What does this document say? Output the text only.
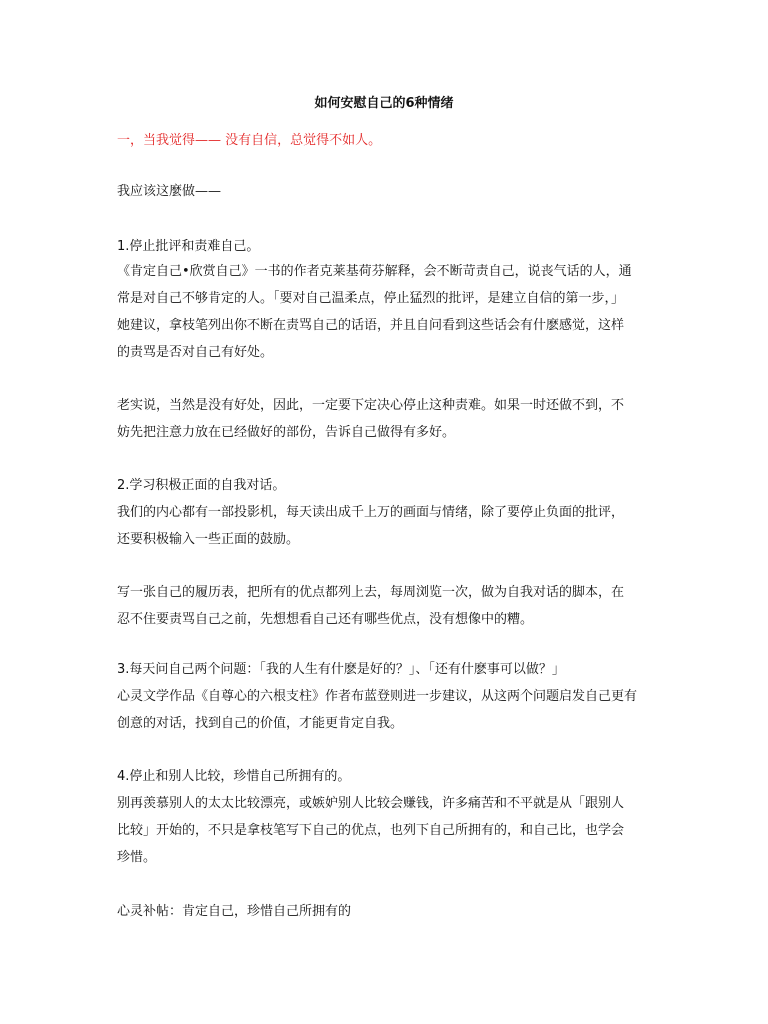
如何安慰自己的6种情绪
一，当我觉得—— 没有自信，总觉得不如人。
我应该这麼做——
1.停止批评和责难自己。
《肯定自己•欣赏自己》一书的作者克莱基荷芬解释，会不断苛责自己，说丧气话的人，通
常是对自己不够肯定的人。「要对自己温柔点，停止猛烈的批评，是建立自信的第一步，」
她建议，拿枝笔列出你不断在责骂自己的话语，并且自问看到这些话会有什麽感觉，这样
的责骂是否对自己有好处。
老实说，当然是没有好处，因此，一定要下定决心停止这种责难。如果一时还做不到，不
妨先把注意力放在已经做好的部份，告诉自己做得有多好。
2.学习积极正面的自我对话。
我们的内心都有一部投影机，每天读出成千上万的画面与情绪，除了要停止负面的批评，
还要积极输入一些正面的鼓励。
写一张自己的履历表，把所有的优点都列上去，每周浏览一次，做为自我对话的脚本，在
忍不住要责骂自己之前，先想想看自己还有哪些优点，没有想像中的糟。
3.每天问自己两个问题：「我的人生有什麽是好的？」、「还有什麽事可以做？」
心灵文学作品《自尊心的六根支柱》作者布蓝登则进一步建议，从这两个问题启发自己更有
创意的对话，找到自己的价值，才能更肯定自我。
4.停止和别人比较，珍惜自己所拥有的。
别再羡慕别人的太太比较漂亮，或嫉妒别人比较会赚钱，许多痛苦和不平就是从「跟别人
比较」开始的，不只是拿枝笔写下自己的优点，也列下自己所拥有的，和自己比，也学会
珍惜。
心灵补帖：肯定自己，珍惜自己所拥有的
